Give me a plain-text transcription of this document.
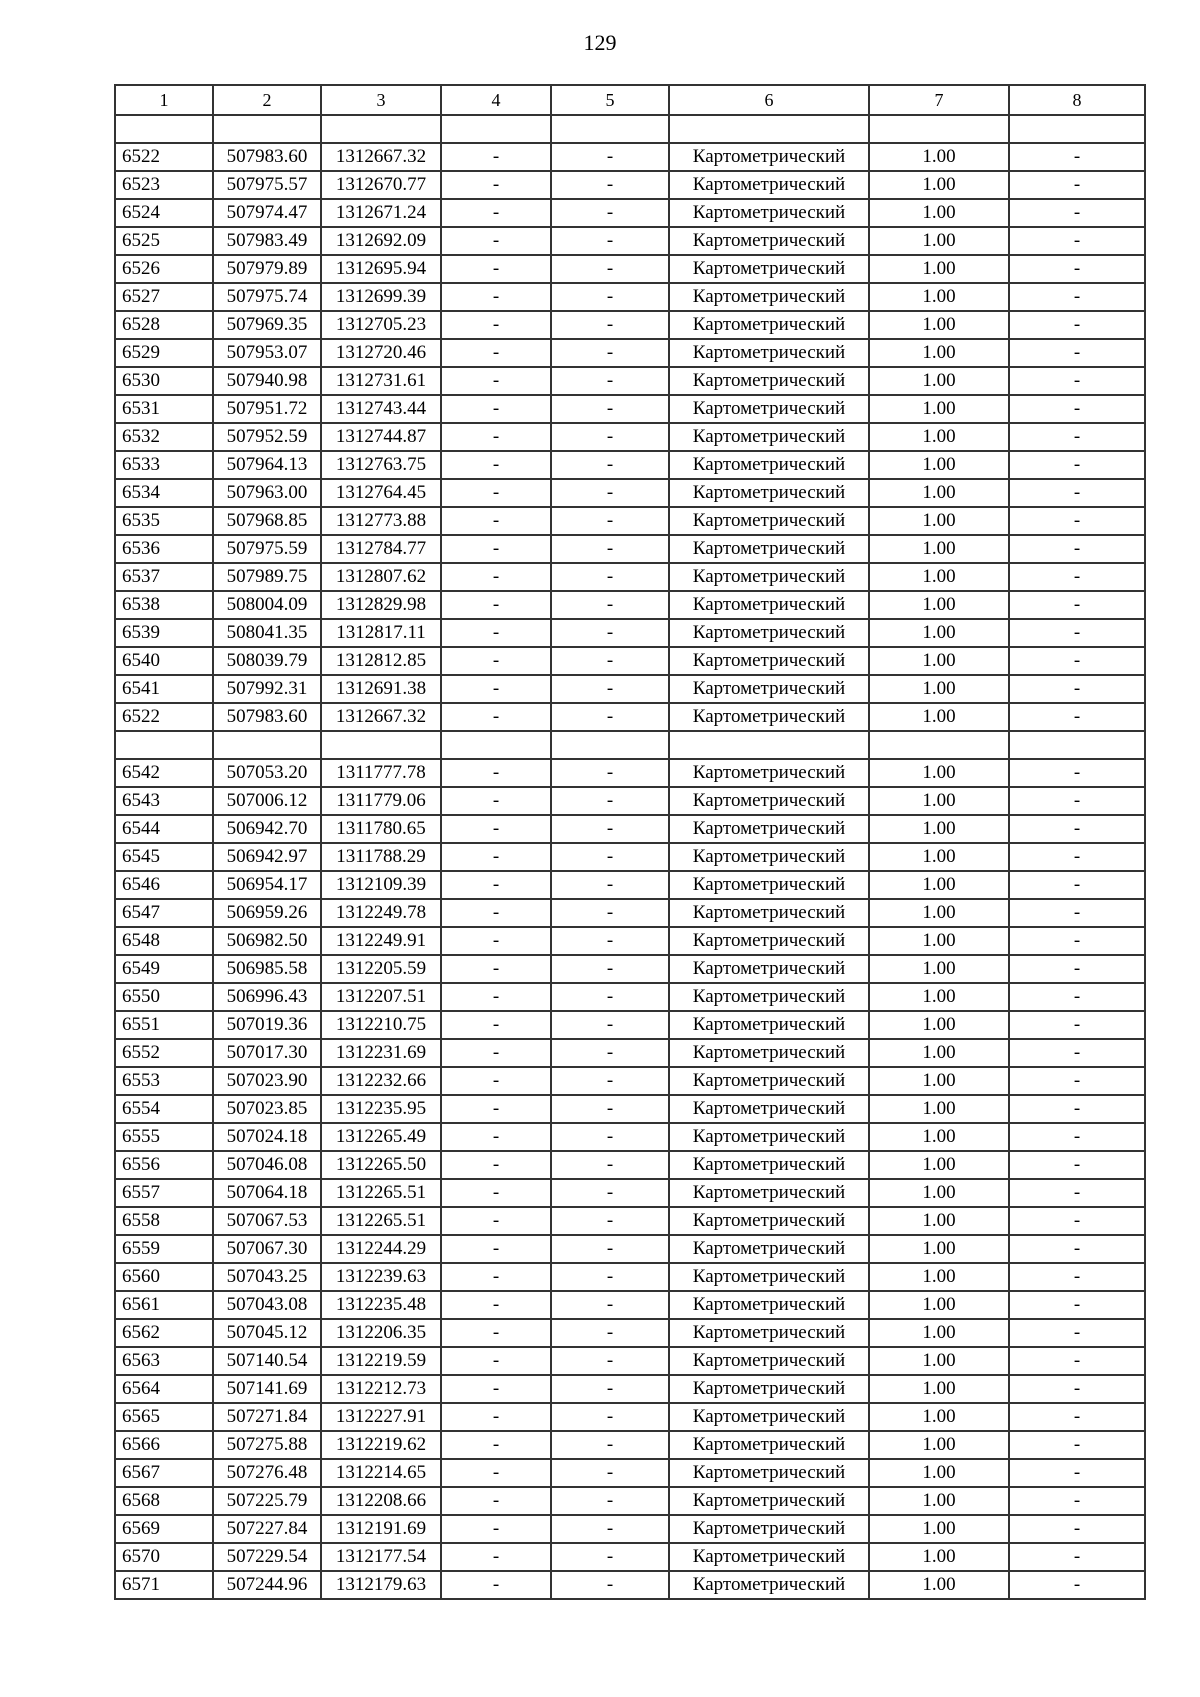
129
1	2	3	4	5	6	7	8

6522	507983.60	1312667.32	-	-	Картометрический	1.00	-
6523	507975.57	1312670.77	-	-	Картометрический	1.00	-
6524	507974.47	1312671.24	-	-	Картометрический	1.00	-
6525	507983.49	1312692.09	-	-	Картометрический	1.00	-
6526	507979.89	1312695.94	-	-	Картометрический	1.00	-
6527	507975.74	1312699.39	-	-	Картометрический	1.00	-
6528	507969.35	1312705.23	-	-	Картометрический	1.00	-
6529	507953.07	1312720.46	-	-	Картометрический	1.00	-
6530	507940.98	1312731.61	-	-	Картометрический	1.00	-
6531	507951.72	1312743.44	-	-	Картометрический	1.00	-
6532	507952.59	1312744.87	-	-	Картометрический	1.00	-
6533	507964.13	1312763.75	-	-	Картометрический	1.00	-
6534	507963.00	1312764.45	-	-	Картометрический	1.00	-
6535	507968.85	1312773.88	-	-	Картометрический	1.00	-
6536	507975.59	1312784.77	-	-	Картометрический	1.00	-
6537	507989.75	1312807.62	-	-	Картометрический	1.00	-
6538	508004.09	1312829.98	-	-	Картометрический	1.00	-
6539	508041.35	1312817.11	-	-	Картометрический	1.00	-
6540	508039.79	1312812.85	-	-	Картометрический	1.00	-
6541	507992.31	1312691.38	-	-	Картометрический	1.00	-
6522	507983.60	1312667.32	-	-	Картометрический	1.00	-

6542	507053.20	1311777.78	-	-	Картометрический	1.00	-
6543	507006.12	1311779.06	-	-	Картометрический	1.00	-
6544	506942.70	1311780.65	-	-	Картометрический	1.00	-
6545	506942.97	1311788.29	-	-	Картометрический	1.00	-
6546	506954.17	1312109.39	-	-	Картометрический	1.00	-
6547	506959.26	1312249.78	-	-	Картометрический	1.00	-
6548	506982.50	1312249.91	-	-	Картометрический	1.00	-
6549	506985.58	1312205.59	-	-	Картометрический	1.00	-
6550	506996.43	1312207.51	-	-	Картометрический	1.00	-
6551	507019.36	1312210.75	-	-	Картометрический	1.00	-
6552	507017.30	1312231.69	-	-	Картометрический	1.00	-
6553	507023.90	1312232.66	-	-	Картометрический	1.00	-
6554	507023.85	1312235.95	-	-	Картометрический	1.00	-
6555	507024.18	1312265.49	-	-	Картометрический	1.00	-
6556	507046.08	1312265.50	-	-	Картометрический	1.00	-
6557	507064.18	1312265.51	-	-	Картометрический	1.00	-
6558	507067.53	1312265.51	-	-	Картометрический	1.00	-
6559	507067.30	1312244.29	-	-	Картометрический	1.00	-
6560	507043.25	1312239.63	-	-	Картометрический	1.00	-
6561	507043.08	1312235.48	-	-	Картометрический	1.00	-
6562	507045.12	1312206.35	-	-	Картометрический	1.00	-
6563	507140.54	1312219.59	-	-	Картометрический	1.00	-
6564	507141.69	1312212.73	-	-	Картометрический	1.00	-
6565	507271.84	1312227.91	-	-	Картометрический	1.00	-
6566	507275.88	1312219.62	-	-	Картометрический	1.00	-
6567	507276.48	1312214.65	-	-	Картометрический	1.00	-
6568	507225.79	1312208.66	-	-	Картометрический	1.00	-
6569	507227.84	1312191.69	-	-	Картометрический	1.00	-
6570	507229.54	1312177.54	-	-	Картометрический	1.00	-
6571	507244.96	1312179.63	-	-	Картометрический	1.00	-
